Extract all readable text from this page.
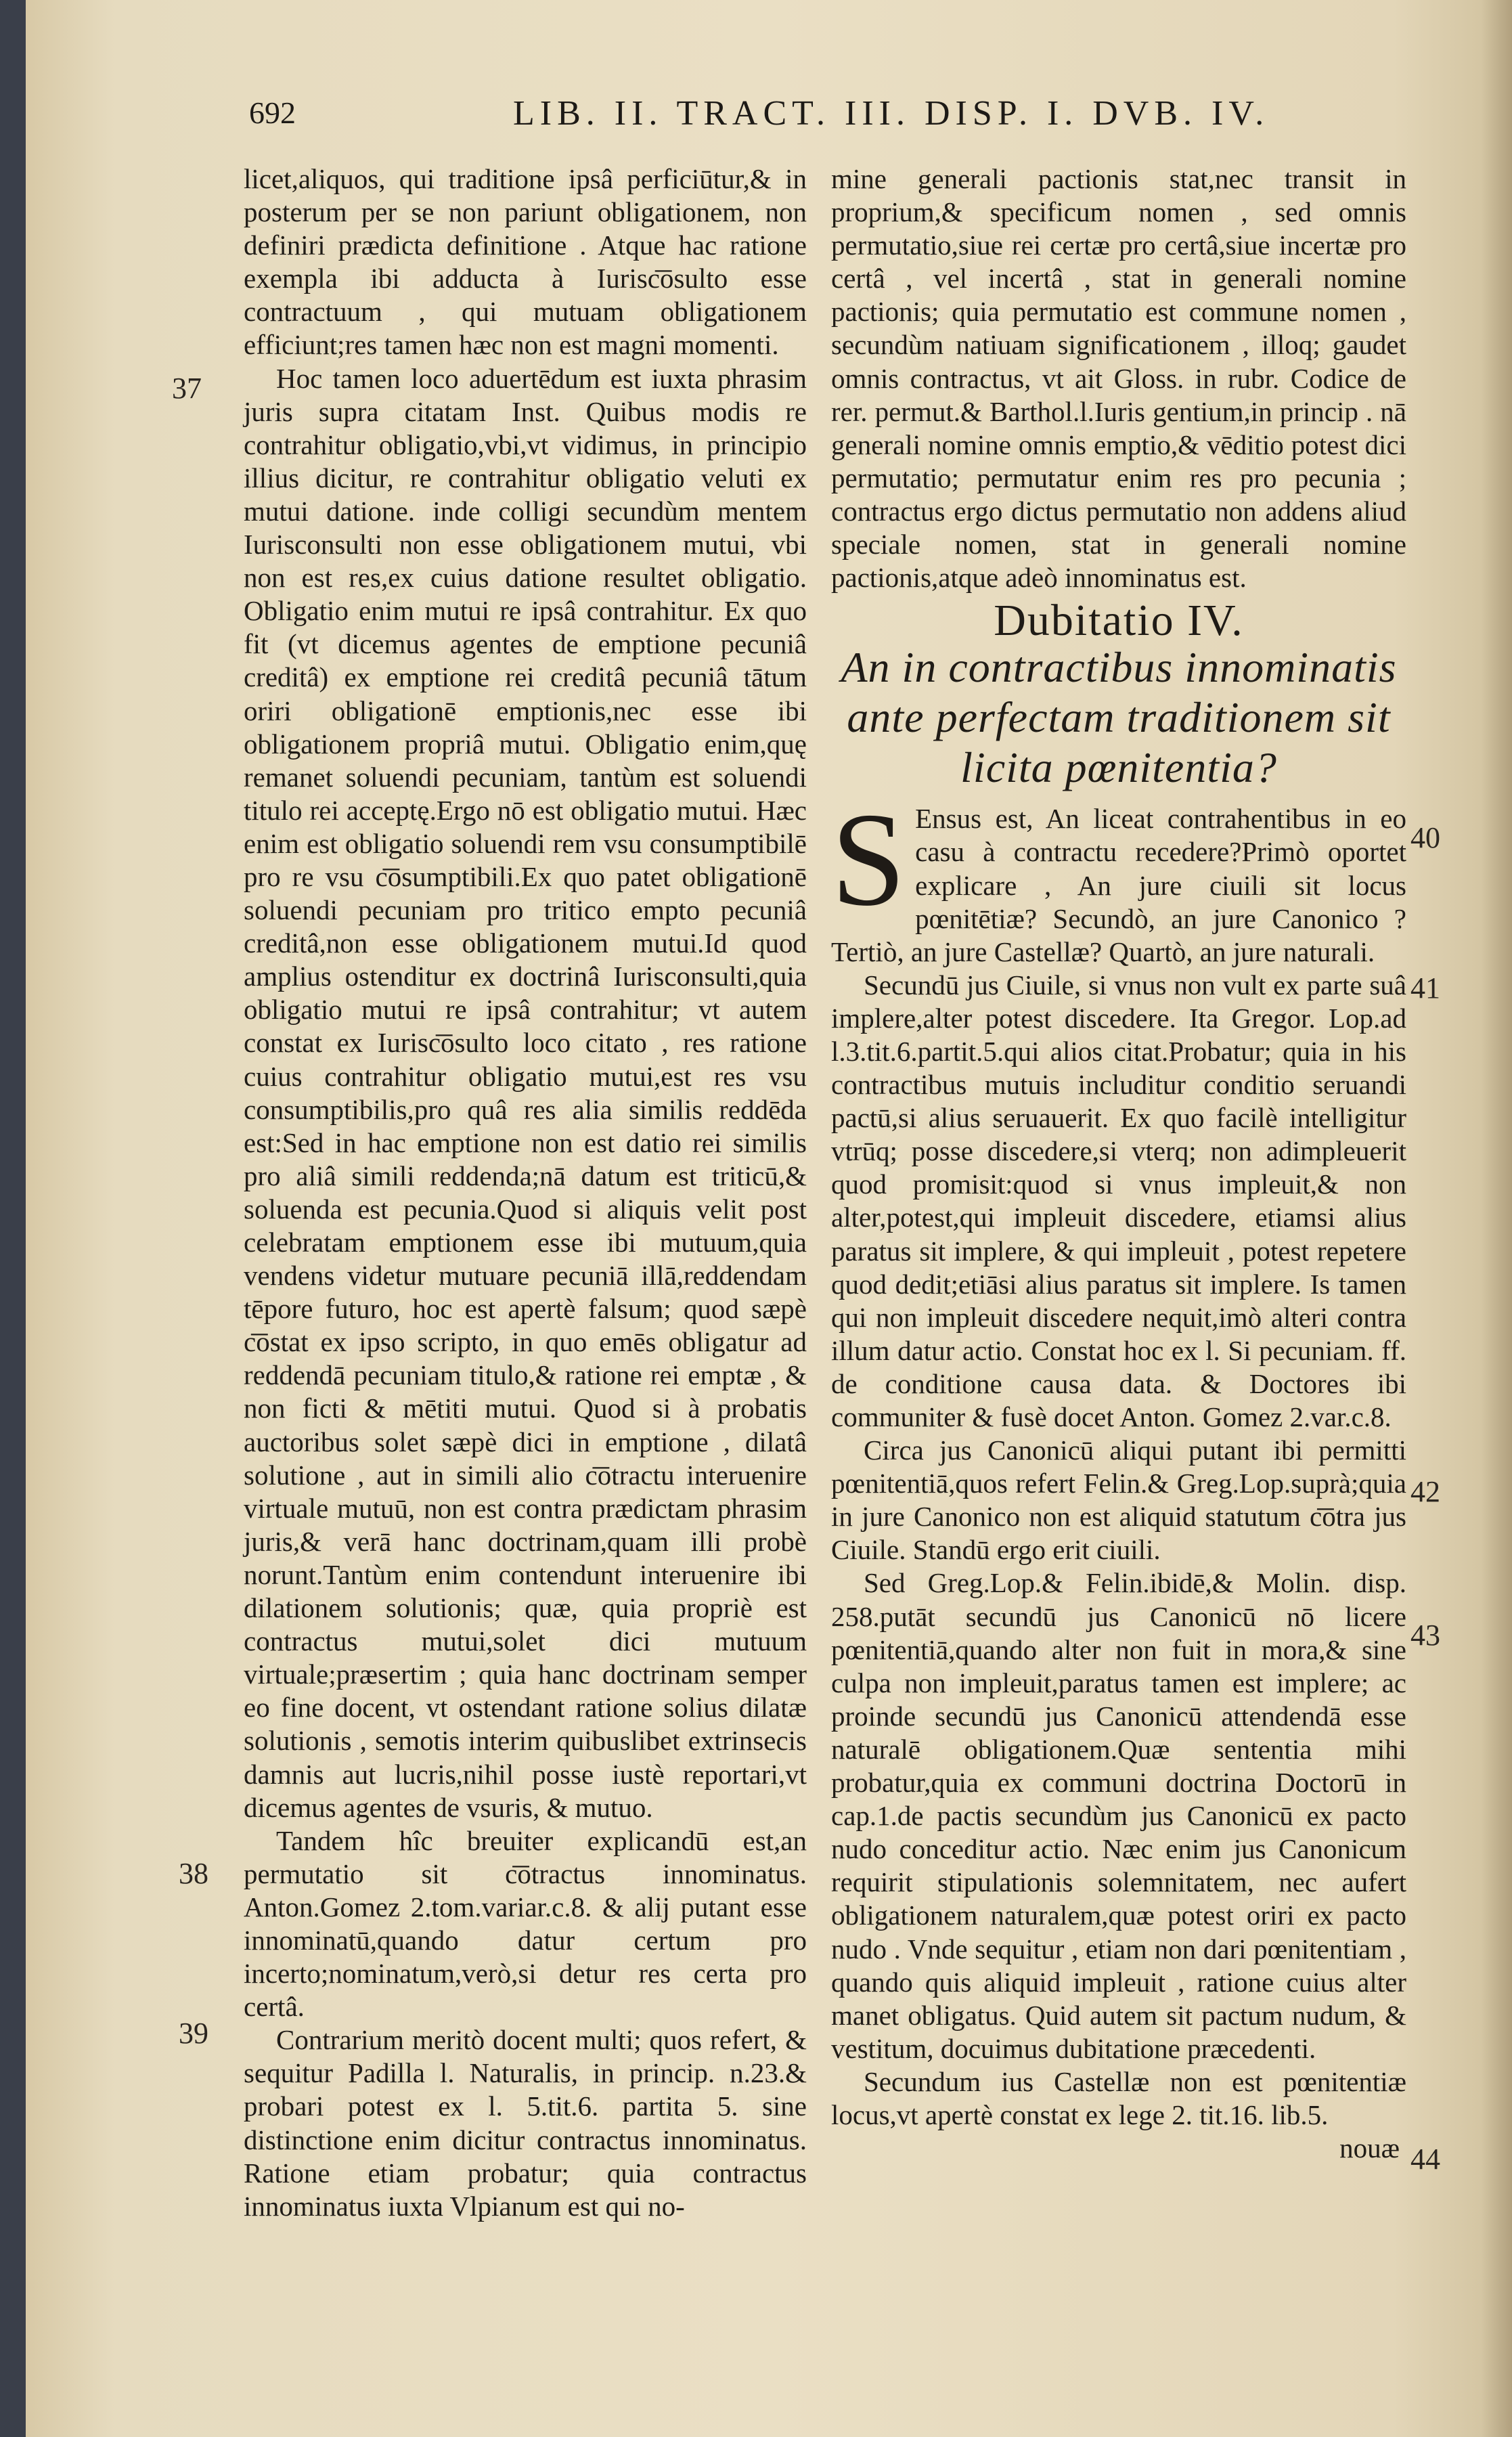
692	LIB. II. TRACT. III. DISP. I. DVB. IV.
37
38
39
40
41
42
43
44

licet,aliquos, qui traditione ipsâ perficiūtur,& in posterum per se non pariunt obligationem, non definiri prædicta definitione . Atque hac ratione exempla ibi adducta à Iurisc͞osulto esse contractuum , qui mutuam obligationem efficiunt;res tamen hæc non est magni momenti.

Hoc tamen loco aduertēdum est iuxta phrasim juris supra citatam Inst. Quibus modis re contrahitur obligatio,vbi,vt vidimus, in principio illius dicitur, re contrahitur obligatio veluti ex mutui datione. inde colligi secundùm mentem Iurisconsulti non esse obligationem mutui, vbi non est res,ex cuius datione resultet obligatio. Obligatio enim mutui re ipsâ contrahitur. Ex quo fit (vt dicemus agentes de emptione pecuniâ creditâ) ex emptione rei creditâ pecuniâ tātum oriri obligationē emptionis,nec esse ibi obligationem propriâ mutui. Obligatio enim,quę remanet soluendi pecuniam, tantùm est soluendi titulo rei acceptę.Ergo nō est obligatio mutui. Hæc enim est obligatio soluendi rem vsu consumptibilē pro re vsu c͞osumptibili.Ex quo patet obligationē soluendi pecuniam pro tritico empto pecuniâ creditâ,non esse obligationem mutui.Id quod amplius ostenditur ex doctrinâ Iurisconsulti,quia obligatio mutui re ipsâ contrahitur; vt autem constat ex Iurisc͞osulto loco citato , res ratione cuius contrahitur obligatio mutui,est res vsu consumptibilis,pro quâ res alia similis reddēda est:Sed in hac emptione non est datio rei similis pro aliâ simili reddenda;nā datum est triticū,& soluenda est pecunia.Quod si aliquis velit post celebratam emptionem esse ibi mutuum,quia vendens videtur mutuare pecuniā illā,reddendam tēpore futuro, hoc est apertè falsum; quod sæpè c͞ostat ex ipso scripto, in quo emēs obligatur ad reddendā pecuniam titulo,& ratione rei emptæ , & non ficti & mētiti mutui. Quod si à probatis auctoribus solet sæpè dici in emptione , dilatâ solutione , aut in simili alio c͞otractu interuenire virtuale mutuū, non est contra prædictam phrasim juris,& verā hanc doctrinam,quam illi probè norunt.Tantùm enim contendunt interuenire ibi dilationem solutionis; quæ, quia propriè est contractus mutui,solet dici mutuum virtuale;præsertim ; quia hanc doctrinam semper eo fine docent, vt ostendant ratione solius dilatæ solutionis , semotis interim quibuslibet extrinsecis damnis aut lucris,nihil posse iustè reportari,vt dicemus agentes de vsuris, & mutuo.

Tandem hîc breuiter explicandū est,an permutatio sit c͞otractus innominatus. Anton.Gomez 2.tom.variar.c.8. & alij putant esse innominatū,quando datur certum pro incerto;nominatum,verò,si detur res certa pro certâ.

Contrarium meritò docent multi; quos refert, & sequitur Padilla l. Naturalis, in princip. n.23.& probari potest ex l. 5.tit.6. partita 5. sine distinctione enim dicitur contractus innominatus. Ratione etiam probatur; quia contractus innominatus iuxta Vlpianum est qui no-

mine generali pactionis stat,nec transit in proprium,& specificum nomen , sed omnis permutatio,siue rei certæ pro certâ,siue incertæ pro certâ , vel incertâ , stat in generali nomine pactionis; quia permutatio est commune nomen , secundùm natiuam significationem , illoq; gaudet omnis contractus, vt ait Gloss. in rubr. Codice de rer. permut.& Barthol.l.Iuris gentium,in princip . nā generali nomine omnis emptio,& vēditio potest dici permutatio; permutatur enim res pro pecunia ; contractus ergo dictus permutatio non addens aliud speciale nomen, stat in generali nomine pactionis,atque adeò innominatus est.

Dubitatio IV.
An in contractibus innominatis ante perfectam traditionem sit licita pœnitentia?

S Ensus est, An liceat contrahentibus in eo casu à contractu recedere?Primò oportet explicare , An jure ciuili sit locus pœnitētiæ? Secundò, an jure Canonico ? Tertiò, an jure Castellæ? Quartò, an jure naturali.

Secundū jus Ciuile, si vnus non vult ex parte suâ implere,alter potest discedere. Ita Gregor. Lop.ad l.3.tit.6.partit.5.qui alios citat.Probatur; quia in his contractibus mutuis includitur conditio seruandi pactū,si alius seruauerit. Ex quo facilè intelligitur vtrūq; posse discedere,si vterq; non adimpleuerit quod promisit:quod si vnus impleuit,& non alter,potest,qui impleuit discedere, etiamsi alius paratus sit implere, & qui impleuit , potest repetere quod dedit;etiāsi alius paratus sit implere. Is tamen qui non impleuit discedere nequit,imò alteri contra illum datur actio. Constat hoc ex l. Si pecuniam. ff. de conditione causa data. & Doctores ibi communiter & fusè docet Anton. Gomez 2.var.c.8.

Circa jus Canonicū aliqui putant ibi permitti pœnitentiā,quos refert Felin.& Greg.Lop.suprà;quia in jure Canonico non est aliquid statutum c͞otra jus Ciuile. Standū ergo erit ciuili.

Sed Greg.Lop.& Felin.ibidē,& Molin. disp. 258.putāt secundū jus Canonicū nō licere pœnitentiā,quando alter non fuit in mora,& sine culpa non impleuit,paratus tamen est implere; ac proinde secundū jus Canonicū attendendā esse naturalē obligationem.Quæ sententia mihi probatur,quia ex communi doctrina Doctorū in cap.1.de pactis secundùm jus Canonicū ex pacto nudo conceditur actio. Næc enim jus Canonicum requirit stipulationis solemnitatem, nec aufert obligationem naturalem,quæ potest oriri ex pacto nudo . Vnde sequitur , etiam non dari pœnitentiam , quando quis aliquid impleuit , ratione cuius alter manet obligatus. Quid autem sit pactum nudum, & vestitum, docuimus dubitatione præcedenti.

Secundum ius Castellæ non est pœnitentiæ locus,vt apertè constat ex lege 2. tit.16. lib.5.

nouæ
